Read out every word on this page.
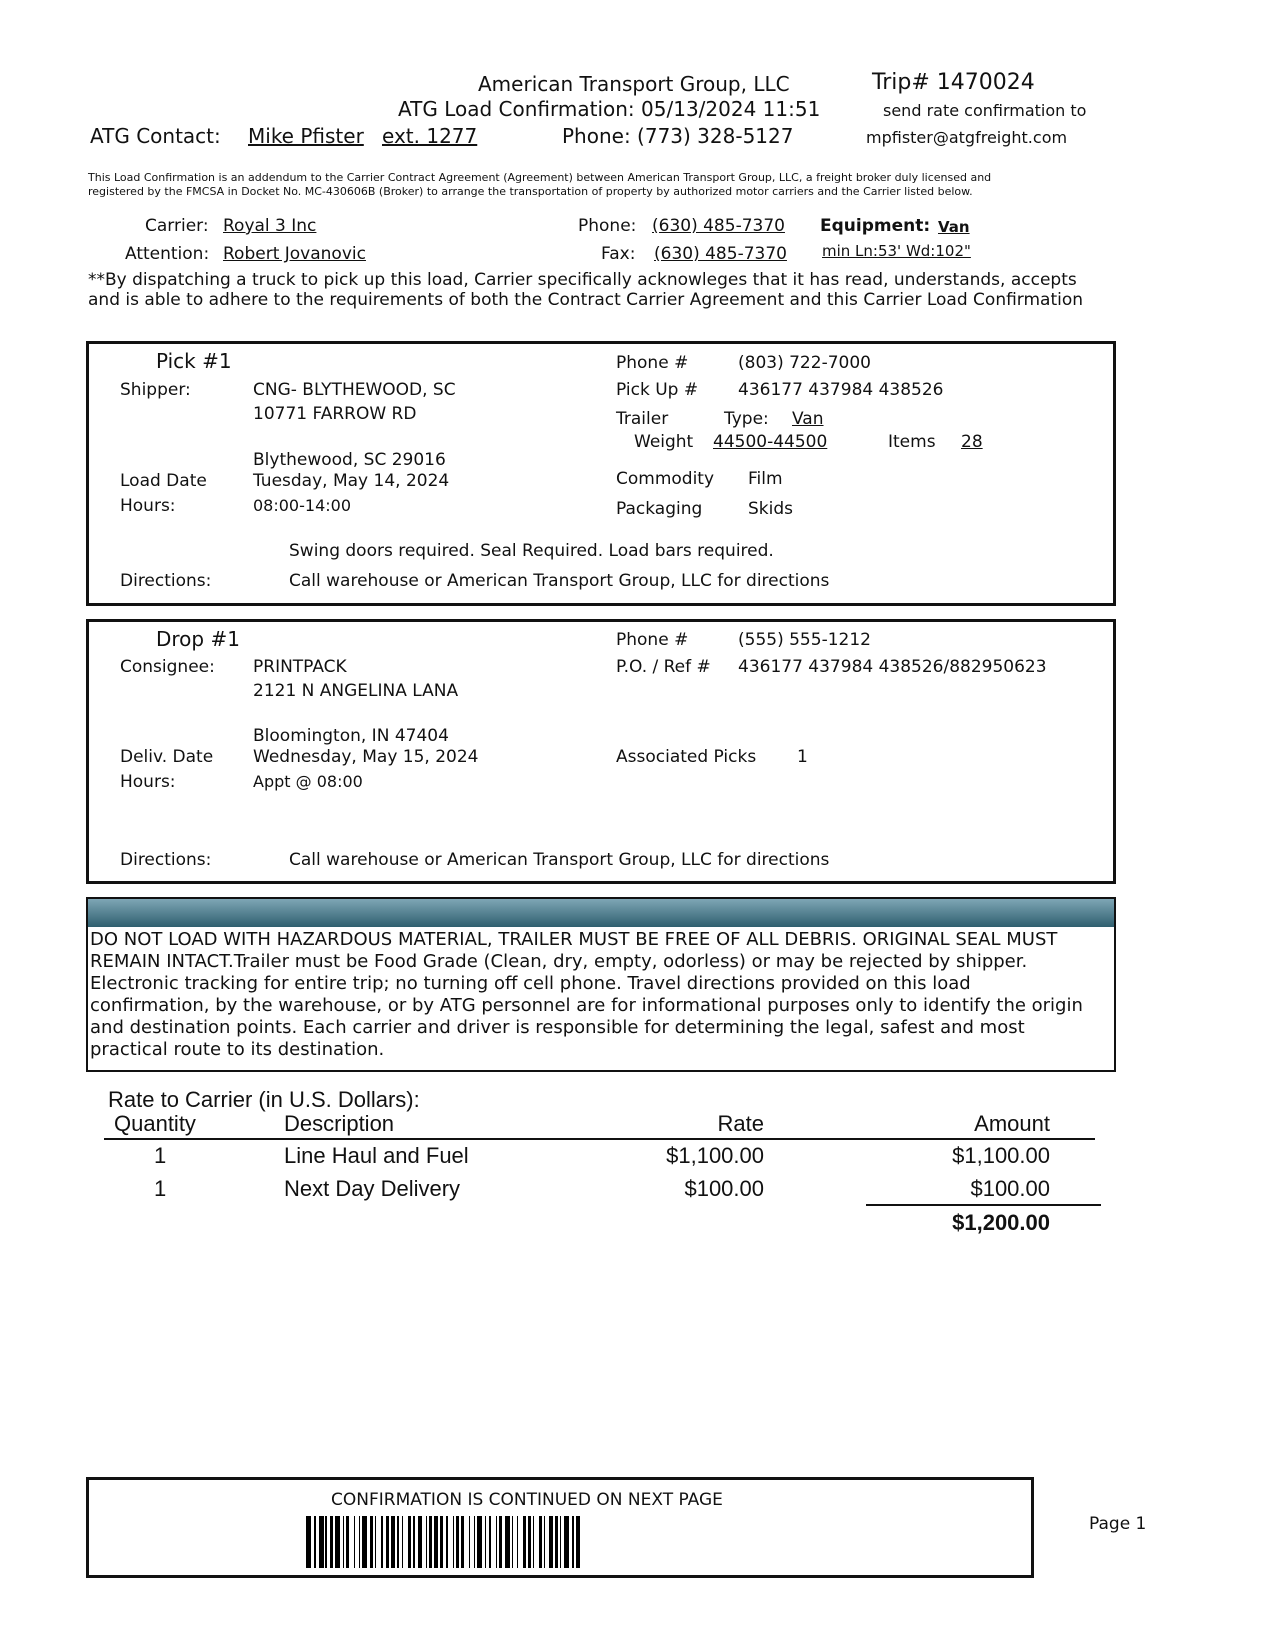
American Transport Group, LLC	Trip# 1470024
ATG Load Confirmation: 05/13/2024 11:51	send rate confirmation to
ATG Contact: Mike Pfister ext. 1277	Phone: (773) 328-5127	mpfister@atgfreight.com
This Load Confirmation is an addendum to the Carrier Contract Agreement (Agreement) between American Transport Group, LLC, a freight broker duly licensed and
registered by the FMCSA in Docket No. MC-430606B (Broker) to arrange the transportation of property by authorized motor carriers and the Carrier listed below.
Carrier: Royal 3 Inc
Attention: Robert Jovanovic
Phone: (630) 485-7370
Fax: (630) 485-7370
Equipment: Van
min Ln:53' Wd:102"
**By dispatching a truck to pick up this load, Carrier specifically acknowleges that it has read, understands, accepts
and is able to adhere to the requirements of both the Contract Carrier Agreement and this Carrier Load Confirmation
Pick #1
Shipper:	CNG- BLYTHEWOOD, SC
10771 FARROW RD
Blythewood, SC 29016
Load Date	Tuesday, May 14, 2024
Hours:	08:00-14:00
Phone #	(803) 722-7000
Pick Up # 436177 437984 438526
Trailer	Type: Van
Weight 44500-44500	Items 28
Commodity Film
Packaging	Skids
Swing doors required. Seal Required. Load bars required.
Directions:	Call warehouse or American Transport Group, LLC for directions
Drop #1
Consignee: PRINTPACK
2121 N ANGELINA LANA
Bloomington, IN 47404
Deliv. Date Wednesday, May 15, 2024
Hours:	Appt @ 08:00
Phone #	(555) 555-1212
P.O. / Ref # 436177 437984 438526/882950623
Associated Picks 1
Directions:	Call warehouse or American Transport Group, LLC for directions
DO NOT LOAD WITH HAZARDOUS MATERIAL, TRAILER MUST BE FREE OF ALL DEBRIS. ORIGINAL SEAL MUST REMAIN INTACT.Trailer must be Food Grade (Clean, dry, empty, odorless) or may be rejected by shipper. Electronic tracking for entire trip; no turning off cell phone. Travel directions provided on this load confirmation, by the warehouse, or by ATG personnel are for informational purposes only to identify the origin and destination points. Each carrier and driver is responsible for determining the legal, safest and most practical route to its destination.
Rate to Carrier (in U.S. Dollars):
Quantity	Description	Rate	Amount
1	Line Haul and Fuel	$1,100.00	$1,100.00
1	Next Day Delivery	$100.00	$100.00
$1,200.00
CONFIRMATION IS CONTINUED ON NEXT PAGE
Page 1
